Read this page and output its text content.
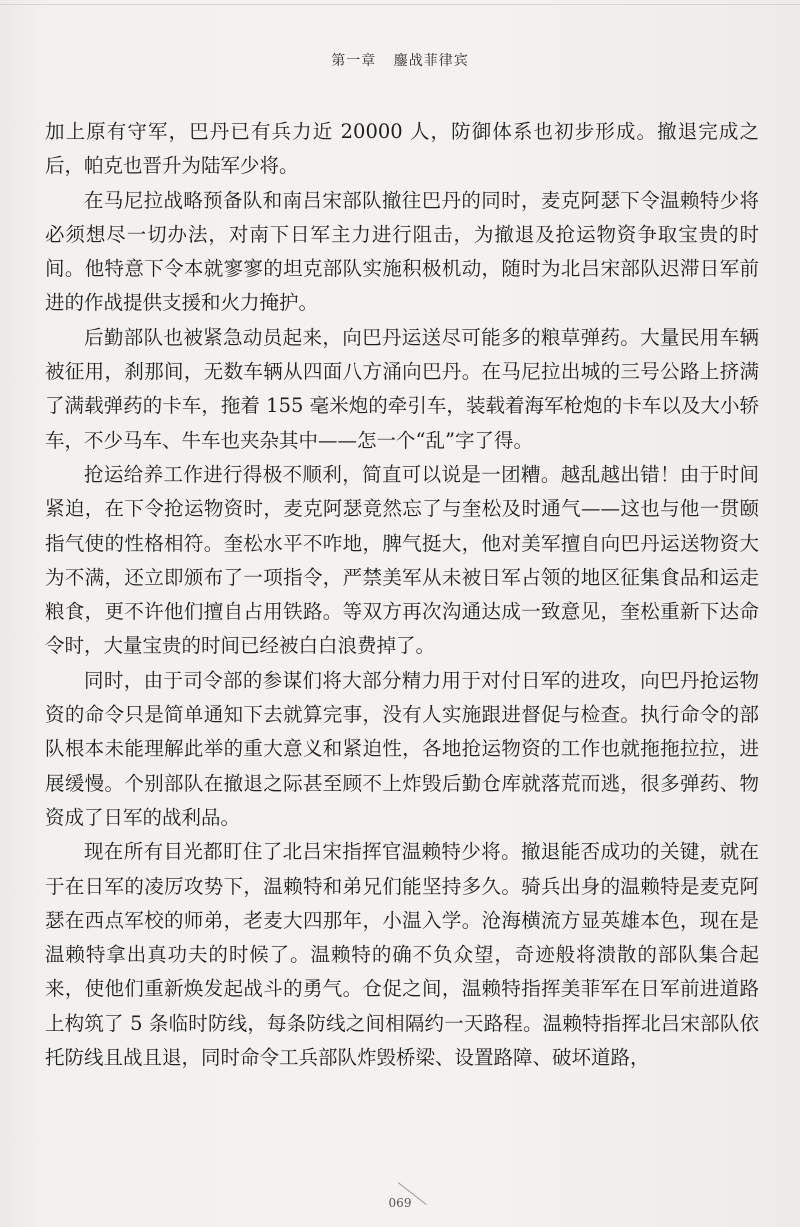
第一章 鏖战菲律宾

加上原有守军，巴丹已有兵力近 20000 人，防御体系也初步形成。撤退完成之后，帕克也晋升为陆军少将。

在马尼拉战略预备队和南吕宋部队撤往巴丹的同时，麦克阿瑟下令温赖特少将必须想尽一切办法，对南下日军主力进行阻击，为撤退及抢运物资争取宝贵的时间。他特意下令本就寥寥的坦克部队实施积极机动，随时为北吕宋部队迟滞日军前进的作战提供支援和火力掩护。

后勤部队也被紧急动员起来，向巴丹运送尽可能多的粮草弹药。大量民用车辆被征用，刹那间，无数车辆从四面八方涌向巴丹。在马尼拉出城的三号公路上挤满了满载弹药的卡车，拖着 155 毫米炮的牵引车，装载着海军枪炮的卡车以及大小轿车，不少马车、牛车也夹杂其中——怎一个“乱”字了得。

抢运给养工作进行得极不顺利，简直可以说是一团糟。越乱越出错！由于时间紧迫，在下令抢运物资时，麦克阿瑟竟然忘了与奎松及时通气——这也与他一贯颐指气使的性格相符。奎松水平不咋地，脾气挺大，他对美军擅自向巴丹运送物资大为不满，还立即颁布了一项指令，严禁美军从未被日军占领的地区征集食品和运走粮食，更不许他们擅自占用铁路。等双方再次沟通达成一致意见，奎松重新下达命令时，大量宝贵的时间已经被白白浪费掉了。

同时，由于司令部的参谋们将大部分精力用于对付日军的进攻，向巴丹抢运物资的命令只是简单通知下去就算完事，没有人实施跟进督促与检查。执行命令的部队根本未能理解此举的重大意义和紧迫性，各地抢运物资的工作也就拖拖拉拉，进展缓慢。个别部队在撤退之际甚至顾不上炸毁后勤仓库就落荒而逃，很多弹药、物资成了日军的战利品。

现在所有目光都盯住了北吕宋指挥官温赖特少将。撤退能否成功的关键，就在于在日军的凌厉攻势下，温赖特和弟兄们能坚持多久。骑兵出身的温赖特是麦克阿瑟在西点军校的师弟，老麦大四那年，小温入学。沧海横流方显英雄本色，现在是温赖特拿出真功夫的时候了。温赖特的确不负众望，奇迹般将溃散的部队集合起来，使他们重新焕发起战斗的勇气。仓促之间，温赖特指挥美菲军在日军前进道路上构筑了 5 条临时防线，每条防线之间相隔约一天路程。温赖特指挥北吕宋部队依托防线且战且退，同时命令工兵部队炸毁桥梁、设置路障、破坏道路，

069
